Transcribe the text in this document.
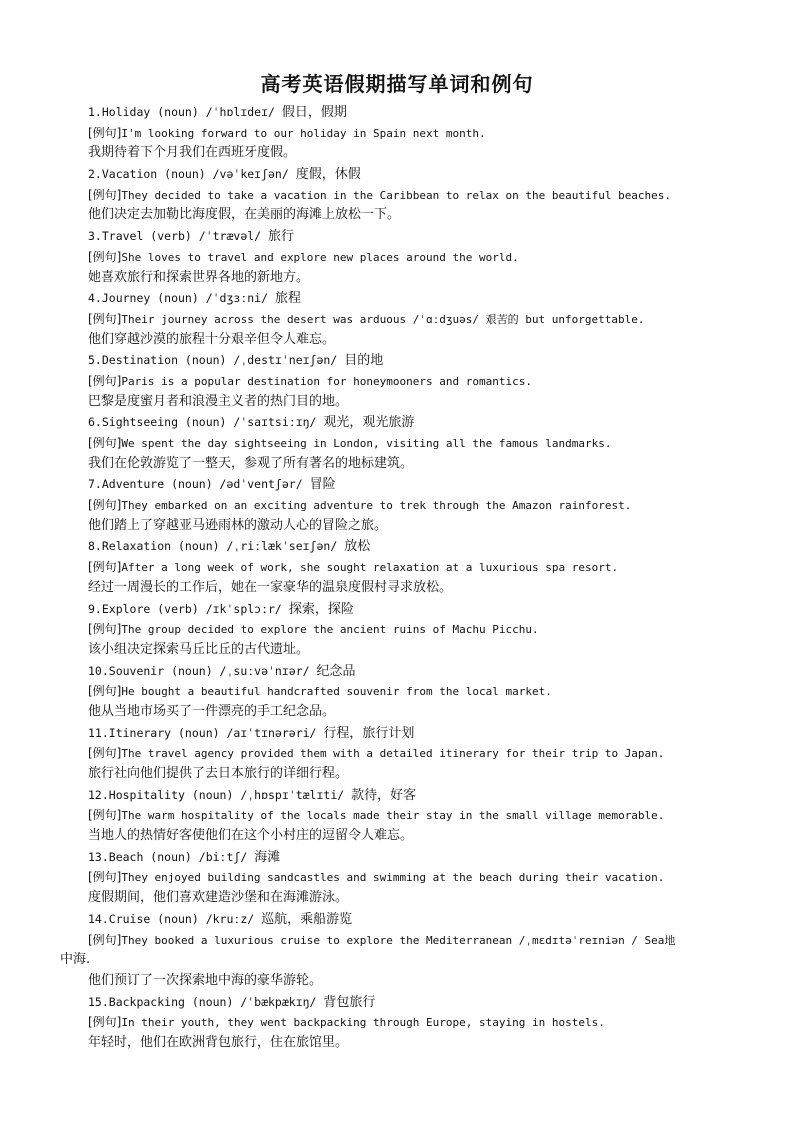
高考英语假期描写单词和例句
1.Holiday (noun) /ˈhɒlɪdeɪ/ 假日，假期
[例句]I'm looking forward to our holiday in Spain next month.
我期待着下个月我们在西班牙度假。
2.Vacation (noun) /vəˈkeɪʃən/ 度假，休假
[例句]They decided to take a vacation in the Caribbean to relax on the beautiful beaches.
他们决定去加勒比海度假，在美丽的海滩上放松一下。
3.Travel (verb) /ˈtrævəl/ 旅行
[例句]She loves to travel and explore new places around the world.
她喜欢旅行和探索世界各地的新地方。
4.Journey (noun) /ˈdʒɜːni/ 旅程
[例句]Their journey across the desert was arduous /ˈɑːdʒuəs/ 艰苦的 but unforgettable.
他们穿越沙漠的旅程十分艰辛但令人难忘。
5.Destination (noun) /ˌdestɪˈneɪʃən/ 目的地
[例句]Paris is a popular destination for honeymooners and romantics.
巴黎是度蜜月者和浪漫主义者的热门目的地。
6.Sightseeing (noun) /ˈsaɪtsiːɪŋ/ 观光，观光旅游
[例句]We spent the day sightseeing in London, visiting all the famous landmarks.
我们在伦敦游览了一整天，参观了所有著名的地标建筑。
7.Adventure (noun) /ədˈventʃər/ 冒险
[例句]They embarked on an exciting adventure to trek through the Amazon rainforest.
他们踏上了穿越亚马逊雨林的激动人心的冒险之旅。
8.Relaxation (noun) /ˌriːlækˈseɪʃən/ 放松
[例句]After a long week of work, she sought relaxation at a luxurious spa resort.
经过一周漫长的工作后，她在一家豪华的温泉度假村寻求放松。
9.Explore (verb) /ɪkˈsplɔːr/ 探索，探险
[例句]The group decided to explore the ancient ruins of Machu Picchu.
该小组决定探索马丘比丘的古代遗址。
10.Souvenir (noun) /ˌsuːvəˈnɪər/ 纪念品
[例句]He bought a beautiful handcrafted souvenir from the local market.
他从当地市场买了一件漂亮的手工纪念品。
11.Itinerary (noun) /aɪˈtɪnərəri/ 行程，旅行计划
[例句]The travel agency provided them with a detailed itinerary for their trip to Japan.
旅行社向他们提供了去日本旅行的详细行程。
12.Hospitality (noun) /ˌhɒspɪˈtælɪti/ 款待，好客
[例句]The warm hospitality of the locals made their stay in the small village memorable.
当地人的热情好客使他们在这个小村庄的逗留令人难忘。
13.Beach (noun) /biːtʃ/ 海滩
[例句]They enjoyed building sandcastles and swimming at the beach during their vacation.
度假期间，他们喜欢建造沙堡和在海滩游泳。
14.Cruise (noun) /kruːz/ 巡航，乘船游览
[例句]They booked a luxurious cruise to explore the Mediterranean /ˌmɛdɪtəˈreɪniən / Sea地
中海.
他们预订了一次探索地中海的豪华游轮。
15.Backpacking (noun) /ˈbækpækɪŋ/ 背包旅行
[例句]In their youth, they went backpacking through Europe, staying in hostels.
年轻时，他们在欧洲背包旅行，住在旅馆里。
